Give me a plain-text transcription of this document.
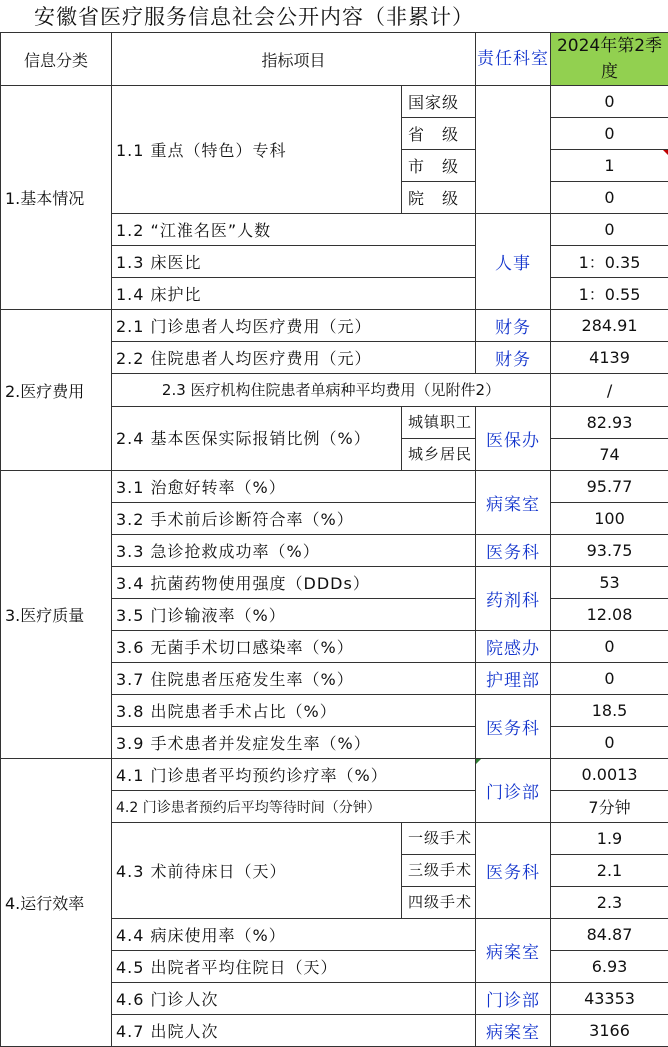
安徽省医疗服务信息社会公开内容（非累计）
信息分类	指标项目		责任科室	2024年第2季度
1.基本情况	1.1 重点（特色）专科	国家级		0
		省　级		0
		市　级		1

		院　级		0
	1.2 “江淮名医”人数		人事	0
	1.3 床医比			1：0.35
	1.4 床护比			1：0.55
2.医疗费用	2.1 门诊患者人均医疗费用（元）		财务	284.91
	2.2 住院患者人均医疗费用（元）		财务	4139
	2.3 医疗机构住院患者单病种平均费用（见附件2）			/
	2.4 基本医保实际报销比例（%）	城镇职工	医保办	82.93
		城乡居民		74
3.医疗质量	3.1 治愈好转率（%）		病案室	95.77
	3.2 手术前后诊断符合率（%）			100
	3.3 急诊抢救成功率（%）		医务科	93.75
	3.4 抗菌药物使用强度（DDDs）		药剂科	53
	3.5 门诊输液率（%）			12.08
	3.6 无菌手术切口感染率（%）		院感办	0
	3.7 住院患者压疮发生率（%）		护理部	0
	3.8 出院患者手术占比（%）		医务科	18.5
	3.9 手术患者并发症发生率（%）			0
4.运行效率	4.1 门诊患者平均预约诊疗率（%）		门诊部	0.0013
	4.2 门诊患者预约后平均等待时间（分钟）			7分钟
	4.3 术前待床日（天）	一级手术	医务科	1.9
		三级手术		2.1
		四级手术		2.3
	4.4 病床使用率（%）		病案室	84.87
	4.5 出院者平均住院日（天）			6.93
	4.6 门诊人次		门诊部	43353
	4.7 出院人次		病案室	3166
